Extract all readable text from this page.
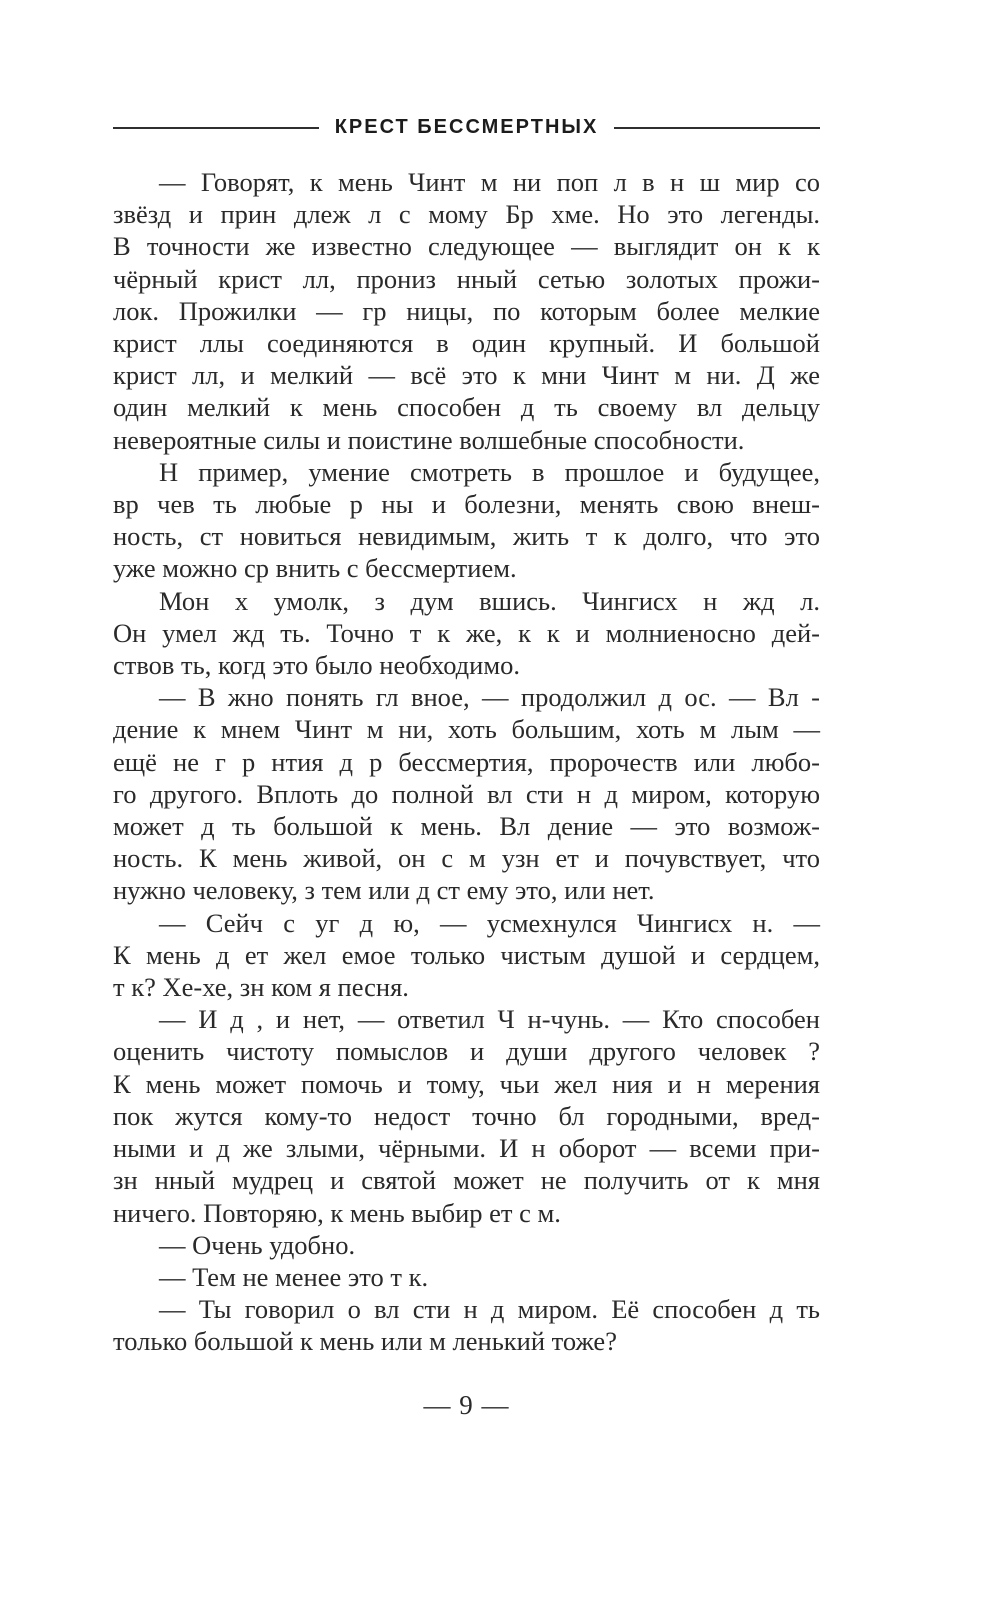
КРЕСТ БЕССМЕРТНЫХ

— Говорят, к мень Чинт м ни поп л в н ш мир со
звёзд и прин длеж л с мому Бр хме. Но это легенды.
В точности же известно следующее — выглядит он к к
чёрный крист лл, прониз нный сетью золотых прожи-
лок. Прожилки — гр ницы, по которым более мелкие
крист ллы соединяются в один крупный. И большой
крист лл, и мелкий — всё это к мни Чинт м ни. Д же
один мелкий к мень способен д ть своему вл дельцу
невероятные силы и поистине волшебные способности.

Н пример, умение смотреть в прошлое и будущее,
вр чев ть любые р ны и болезни, менять свою внеш-
ность, ст новиться невидимым, жить т к долго, что это
уже можно ср внить с бессмертием.

Мон х умолк, з дум вшись. Чингисх н жд л.
Он умел жд ть. Точно т к же, к к и молниеносно дей-
ствов ть, когд это было необходимо.

— В жно понять гл вное, — продолжил д ос. — Вл -
дение к мнем Чинт м ни, хоть большим, хоть м лым —
ещё не г р нтия д р бессмертия, пророчеств или любо-
го другого. Вплоть до полной вл сти н д миром, которую
может д ть большой к мень. Вл дение — это возмож-
ность. К мень живой, он с м узн ет и почувствует, что
нужно человеку, з тем или д ст ему это, или нет.

— Сейч с уг д ю, — усмехнулся Чингисх н. —
К мень д ет жел емое только чистым душой и сердцем,
т к? Хе-хе, зн ком я песня.

— И д , и нет, — ответил Ч н-чунь. — Кто способен
оценить чистоту помыслов и души другого человек ?
К мень может помочь и тому, чьи жел ния и н мерения
пок жутся кому-то недост точно бл городными, вред-
ными и д же злыми, чёрными. И н оборот — всеми при-
зн нный мудрец и святой может не получить от к мня
ничего. Повторяю, к мень выбир ет с м.

— Очень удобно.

— Тем не менее это т к.

— Ты говорил о вл сти н д миром. Её способен д ть
только большой к мень или м ленький тоже?

— 9 —
